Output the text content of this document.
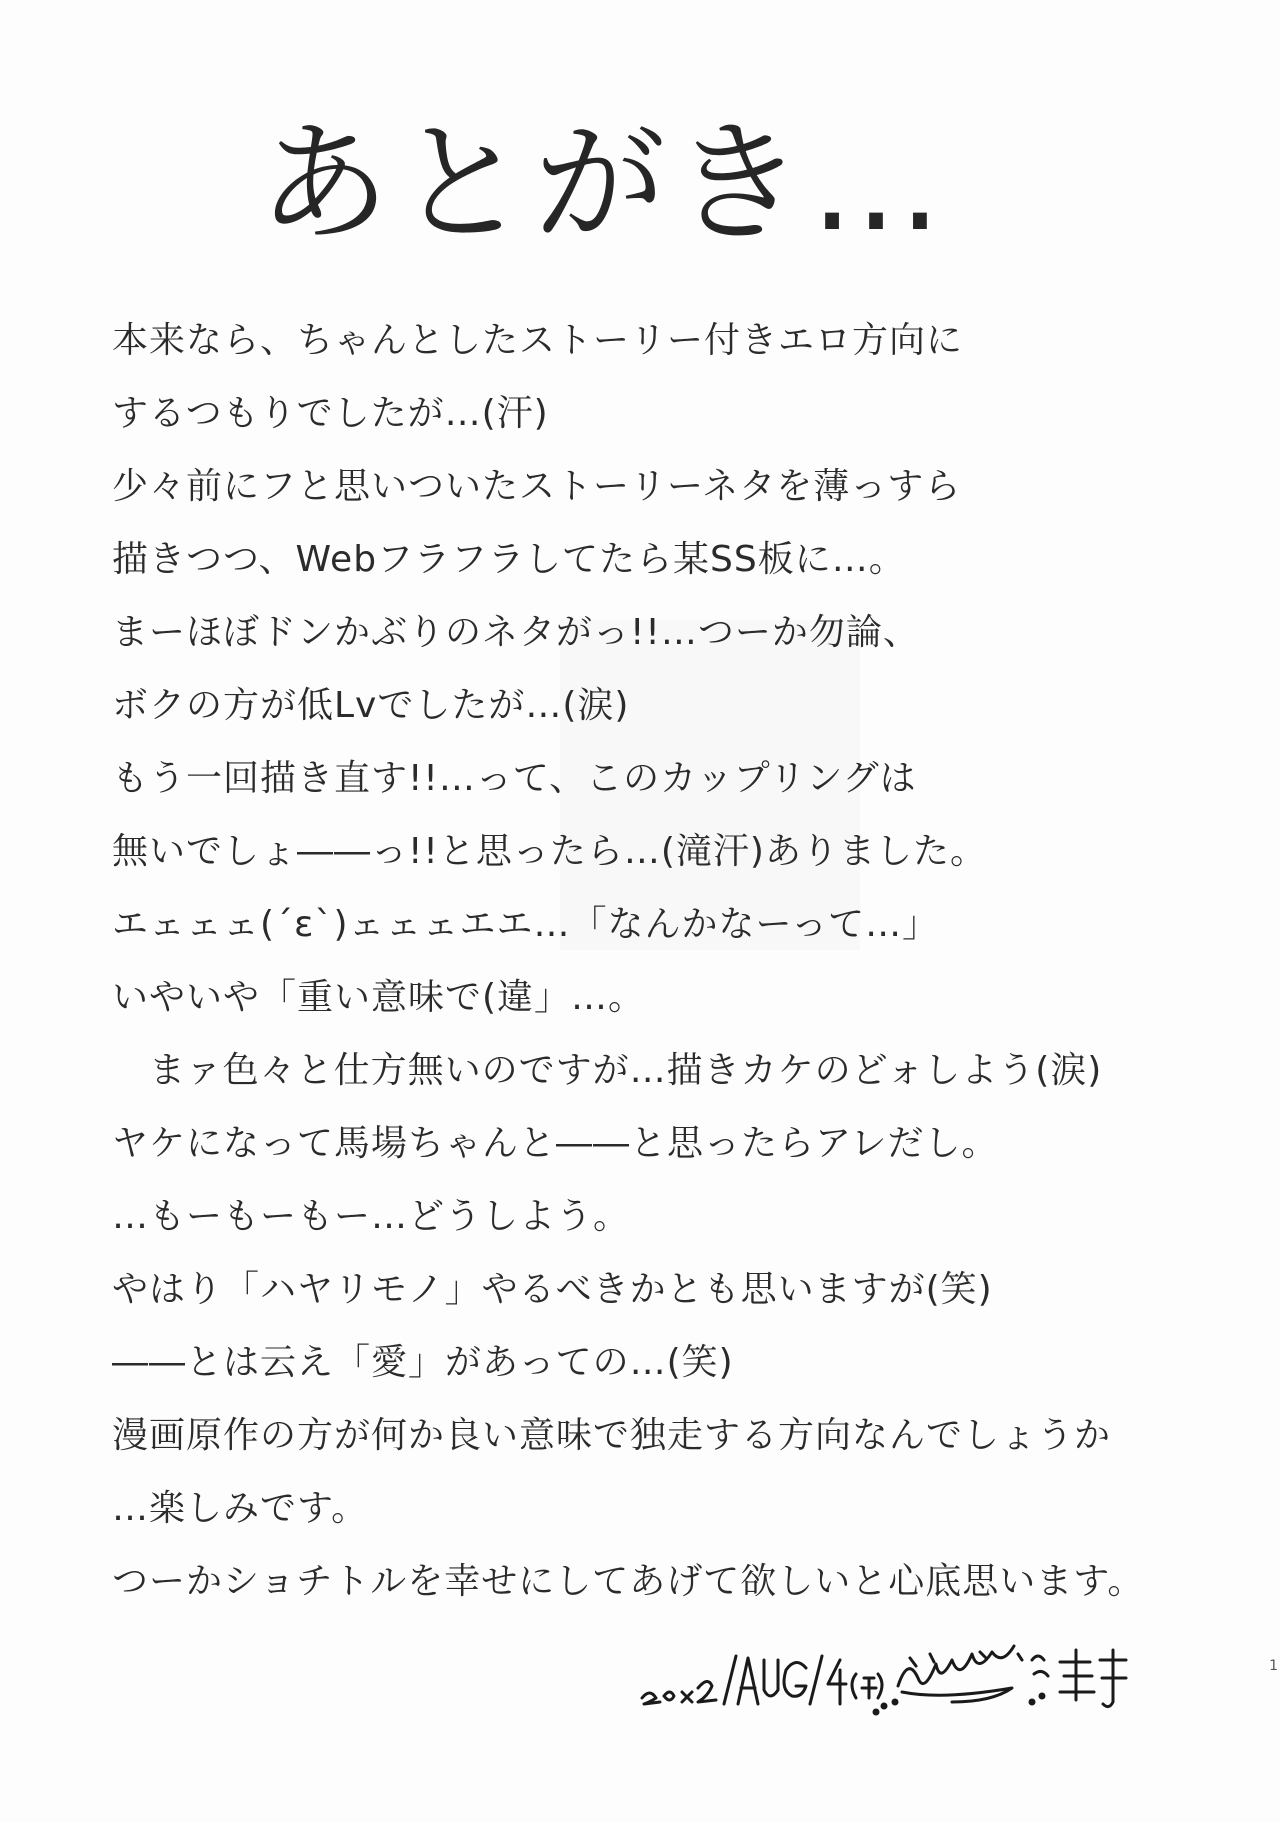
あとがき…
本来なら、ちゃんとしたストーリー付きエロ方向に
するつもりでしたが…(汗)
少々前にフと思いついたストーリーネタを薄っすら
描きつつ、Webフラフラしてたら某SS板に…。
まーほぼドンかぶりのネタがっ!!…つーか勿論、
ボクの方が低Lvでしたが…(涙)
もう一回描き直す!!…って、このカップリングは
無いでしょ――っ!!と思ったら…(滝汗)ありました。
エェェェ(´ε`)ェェェエエ…「なんかなーって…」
いやいや「重い意味で(違」…。
　まァ色々と仕方無いのですが…描きカケのどォしよう(涙)
ヤケになって馬場ちゃんと――と思ったらアレだし。
…もーもーもー…どうしよう。
やはり「ハヤリモノ」やるべきかとも思いますが(笑)
――とは云え「愛」があっての…(笑)
漫画原作の方が何か良い意味で独走する方向なんでしょうか
…楽しみです。
つーかショチトルを幸せにしてあげて欲しいと心底思います。
1
